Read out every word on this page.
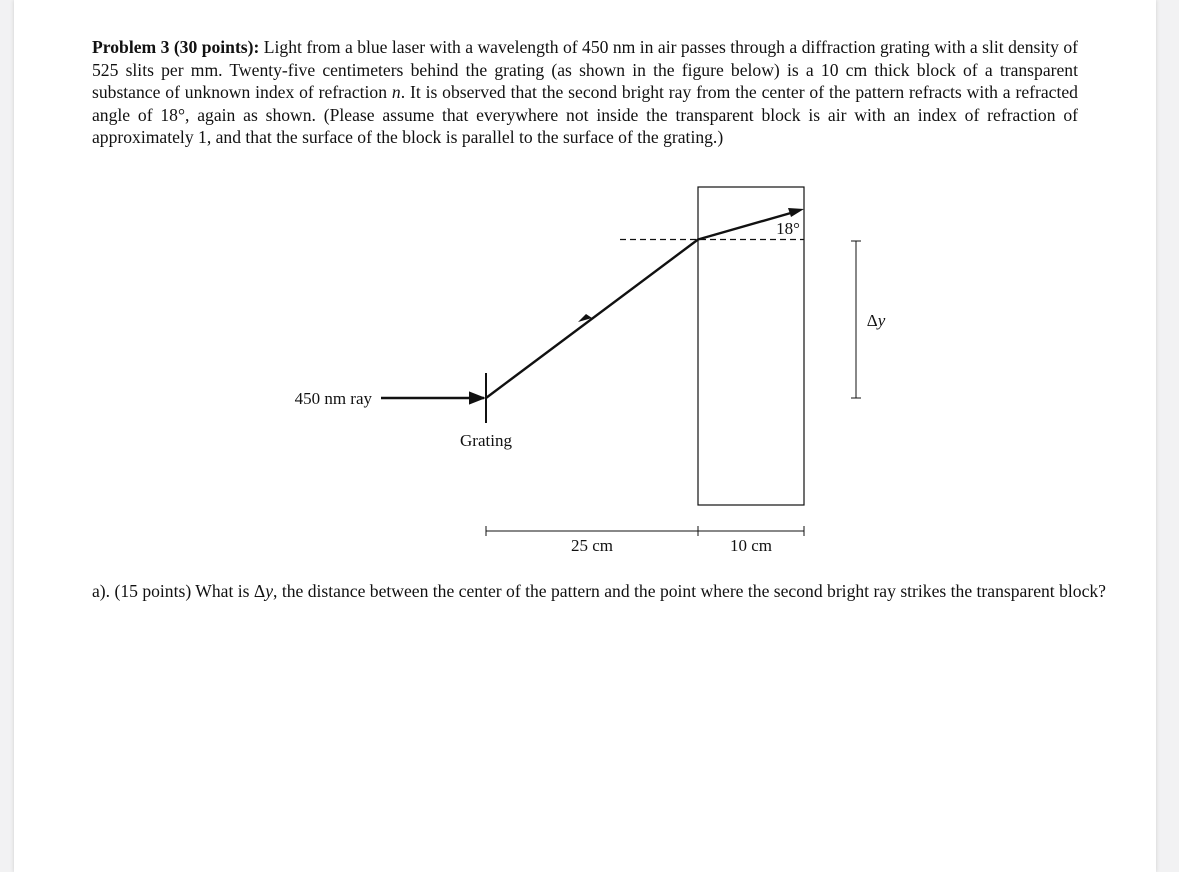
Problem 3 (30 points): Light from a blue laser with a wavelength of 450 nm in air passes through a diffraction grating with a slit density of 525 slits per mm. Twenty-five centimeters behind the grating (as shown in the figure below) is a 10 cm thick block of a transparent substance of unknown index of refraction n. It is observed that the second bright ray from the center of the pattern refracts with a refracted angle of 18°, again as shown. (Please assume that everywhere not inside the transparent block is air with an index of refraction of approximately 1, and that the surface of the block is parallel to the surface of the grating.)
450 nm ray
Grating
18°
Δy
25 cm	10 cm
a). (15 points) What is Δy, the distance between the center of the pattern and the point where the second bright ray strikes the transparent block?
